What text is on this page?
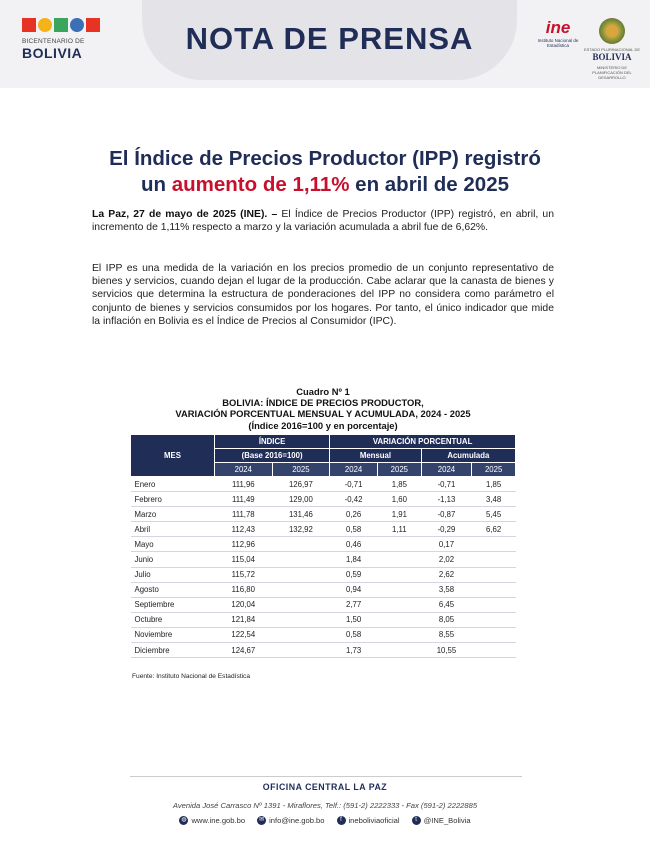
BICENTENARIO DE
BOLIVIA	NOTA DE PRENSA	ine
Instituto Nacional de Estadística
ESTADO PLURINACIONAL DE
BOLIVIA
MINISTERIO DE PLANIFICACIÓN DEL DESARROLLO
El Índice de Precios Productor (IPP) registró
un aumento de 1,11% en abril de 2025

La Paz, 27 de mayo de 2025 (INE). – El Índice de Precios Productor (IPP) registró, en abril, un incremento de 1,11% respecto a marzo y la variación acumulada a abril fue de 6,62%.

El IPP es una medida de la variación en los precios promedio de un conjunto representativo de bienes y servicios, cuando dejan el lugar de la producción. Cabe aclarar que la canasta de bienes y servicios que determina la estructura de ponderaciones del IPP no considera como parámetro el conjunto de bienes y servicios consumidos por los hogares. Por tanto, el único indicador que mide la inflación en Bolivia es el Índice de Precios al Consumidor (IPC).

Cuadro Nº 1
BOLIVIA: ÍNDICE DE PRECIOS PRODUCTOR,
VARIACIÓN PORCENTUAL MENSUAL Y ACUMULADA, 2024 - 2025
(Índice 2016=100 y en porcentaje)
MES	ÍNDICE		VARIACIÓN PORCENTUAL			
	(Base 2016=100)		Mensual		Acumulada	
	2024	2025	2024	2025	2024	2025
Enero	111,96	126,97	-0,71	1,85	-0,71	1,85
Febrero	111,49	129,00	-0,42	1,60	-1,13	3,48
Marzo	111,78	131,46	0,26	1,91	-0,87	5,45
Abril	112,43	132,92	0,58	1,11	-0,29	6,62
Mayo	112,96		0,46		0,17	
Junio	115,04		1,84		2,02	
Julio	115,72		0,59		2,62	
Agosto	116,80		0,94		3,58	
Septiembre	120,04		2,77		6,45	
Octubre	121,84		1,50		8,05	
Noviembre	122,54		0,58		8,55	
Diciembre	124,67		1,73		10,55	
Fuente: Instituto Nacional de Estadística
OFICINA CENTRAL LA PAZ
Avenida José Carrasco Nº 1391 - Miraflores, Telf.: (591-2) 2222333 - Fax (591-2) 2222885
◍ www.ine.gob.bo	✉ info@ine.gob.bo	f ineboliviaoficial	t @INE_Bolivia
